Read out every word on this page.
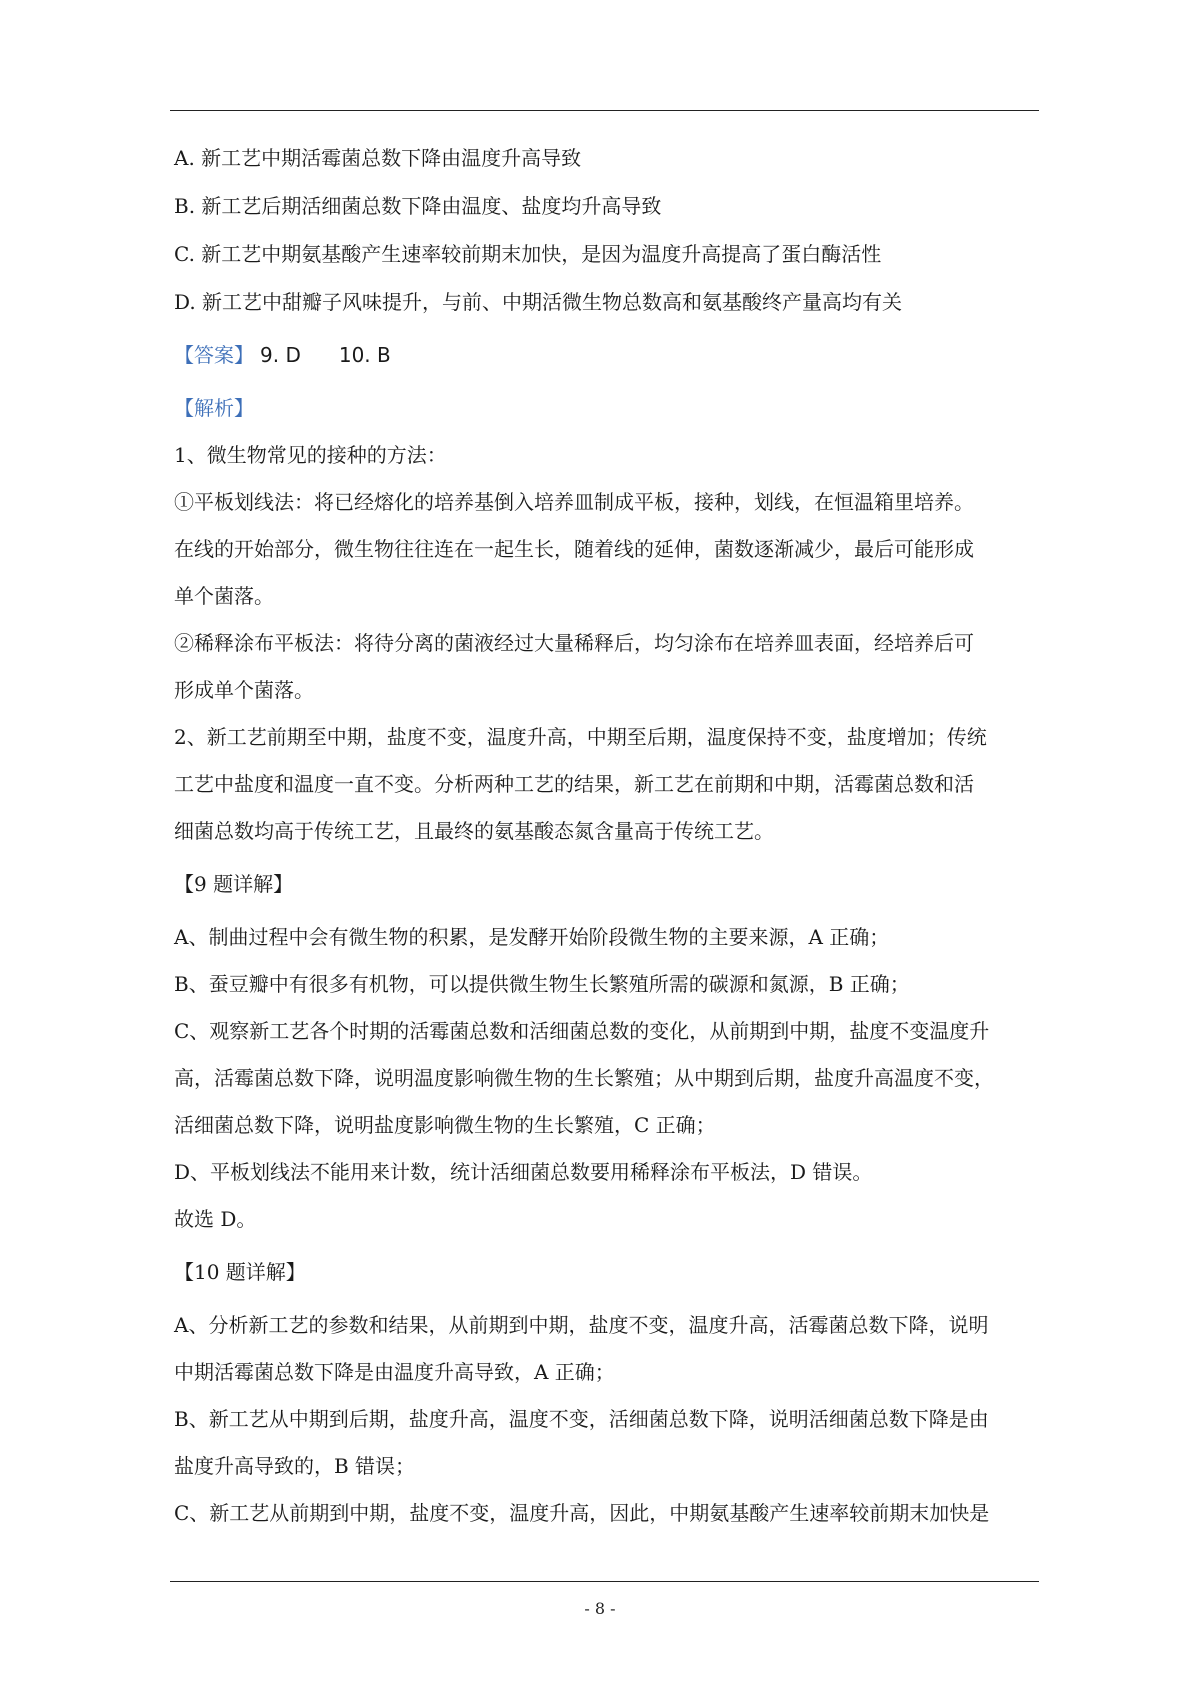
A. 新工艺中期活霉菌总数下降由温度升高导致

B. 新工艺后期活细菌总数下降由温度、盐度均升高导致

C. 新工艺中期氨基酸产生速率较前期末加快，是因为温度升高提高了蛋白酶活性

D. 新工艺中甜瓣子风味提升，与前、中期活微生物总数高和氨基酸终产量高均有关

【答案】 9. D 10. B

【解析】

1、微生物常见的接种的方法：

①平板划线法：将已经熔化的培养基倒入培养皿制成平板，接种，划线，在恒温箱里培养。

在线的开始部分，微生物往往连在一起生长，随着线的延伸，菌数逐渐减少，最后可能形成

单个菌落。

②稀释涂布平板法：将待分离的菌液经过大量稀释后，均匀涂布在培养皿表面，经培养后可

形成单个菌落。

2、新工艺前期至中期，盐度不变，温度升高，中期至后期，温度保持不变，盐度增加；传统

工艺中盐度和温度一直不变。分析两种工艺的结果，新工艺在前期和中期，活霉菌总数和活

细菌总数均高于传统工艺，且最终的氨基酸态氮含量高于传统工艺。

【9 题详解】

A、制曲过程中会有微生物的积累，是发酵开始阶段微生物的主要来源，A 正确；

B、蚕豆瓣中有很多有机物，可以提供微生物生长繁殖所需的碳源和氮源，B 正确；

C、观察新工艺各个时期的活霉菌总数和活细菌总数的变化，从前期到中期，盐度不变温度升

高，活霉菌总数下降，说明温度影响微生物的生长繁殖；从中期到后期，盐度升高温度不变，

活细菌总数下降，说明盐度影响微生物的生长繁殖，C 正确；

D、平板划线法不能用来计数，统计活细菌总数要用稀释涂布平板法，D 错误。

故选 D。

【10 题详解】

A、分析新工艺的参数和结果，从前期到中期，盐度不变，温度升高，活霉菌总数下降，说明

中期活霉菌总数下降是由温度升高导致，A 正确；

B、新工艺从中期到后期，盐度升高，温度不变，活细菌总数下降，说明活细菌总数下降是由

盐度升高导致的，B 错误；

C、新工艺从前期到中期，盐度不变，温度升高，因此，中期氨基酸产生速率较前期末加快是

- 8 -
